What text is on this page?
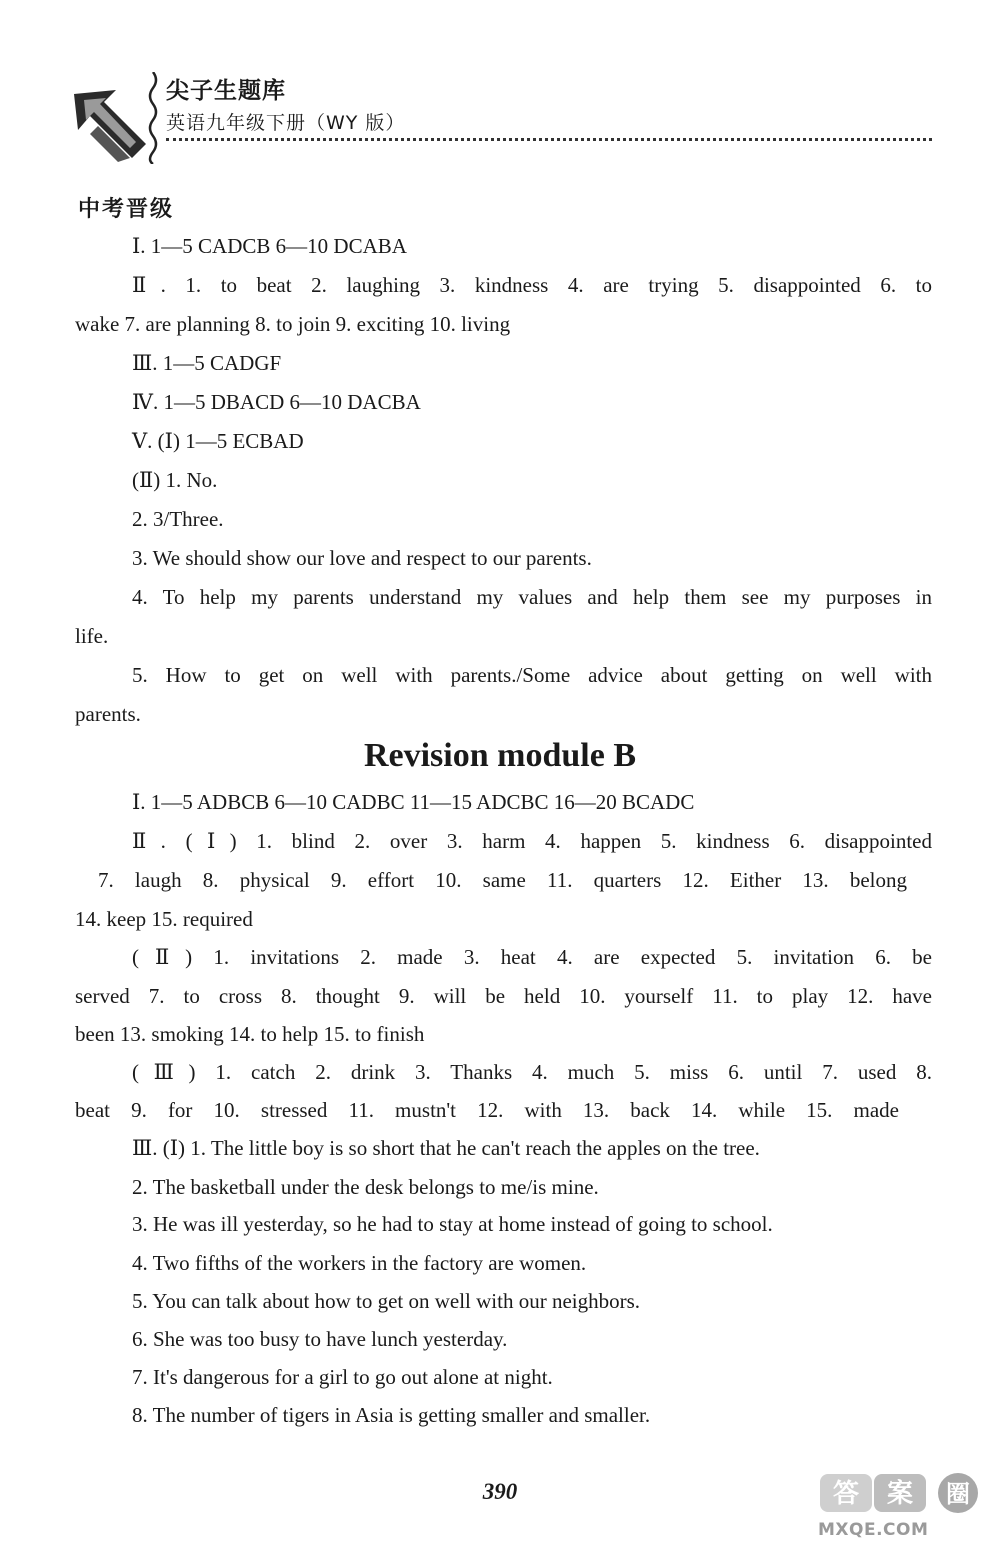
尖子生题库
英语九年级下册（WY 版）
中考晋级
Ⅰ. 1—5 CADCB 6—10 DCABA
Ⅱ. 1. to beat 2. laughing 3. kindness 4. are trying 5. disappointed 6. to
wake 7. are planning 8. to join 9. exciting 10. living
Ⅲ. 1—5 CADGF
Ⅳ. 1—5 DBACD 6—10 DACBA
Ⅴ. (Ⅰ) 1—5 ECBAD
(Ⅱ) 1. No.
2. 3/Three.
3. We should show our love and respect to our parents.
4. To help my parents understand my values and help them see my purposes in
life.
5. How to get on well with parents./Some advice about getting on well with
parents.
Revision module B
Ⅰ. 1—5 ADBCB 6—10 CADBC 11—15 ADCBC 16—20 BCADC
Ⅱ. (Ⅰ) 1. blind 2. over 3. harm 4. happen 5. kindness 6. disappointed
7. laugh 8. physical 9. effort 10. same 11. quarters 12. Either 13. belong
14. keep 15. required
(Ⅱ) 1. invitations 2. made 3. heat 4. are expected 5. invitation 6. be
served 7. to cross 8. thought 9. will be held 10. yourself 11. to play 12. have
been 13. smoking 14. to help 15. to finish
(Ⅲ) 1. catch 2. drink 3. Thanks 4. much 5. miss 6. until 7. used 8.
beat 9. for 10. stressed 11. mustn't 12. with 13. back 14. while 15. made
Ⅲ. (Ⅰ) 1. The little boy is so short that he can't reach the apples on the tree.
2. The basketball under the desk belongs to me/is mine.
3. He was ill yesterday, so he had to stay at home instead of going to school.
4. Two fifths of the workers in the factory are women.
5. You can talk about how to get on well with our neighbors.
6. She was too busy to have lunch yesterday.
7. It's dangerous for a girl to go out alone at night.
8. The number of tigers in Asia is getting smaller and smaller.
390	答 案 圈
MXQE.COM
